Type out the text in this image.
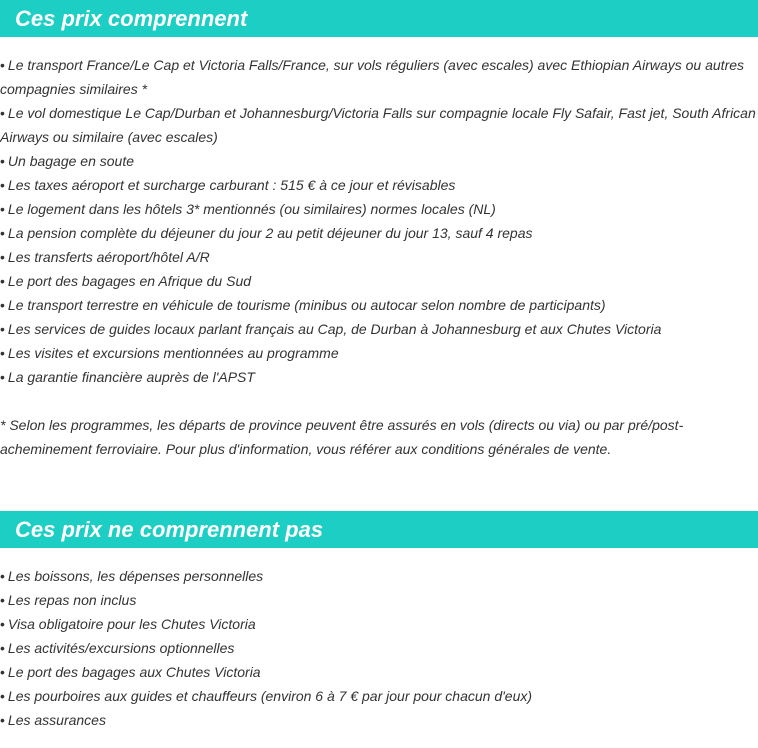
Ces prix comprennent
• Le transport France/Le Cap et Victoria Falls/France, sur vols réguliers (avec escales) avec Ethiopian Airways ou autres compagnies similaires *
• Le vol domestique Le Cap/Durban et Johannesburg/Victoria Falls sur compagnie locale Fly Safair, Fast jet, South African Airways ou similaire (avec escales)
• Un bagage en soute
• Les taxes aéroport et surcharge carburant : 515 € à ce jour et révisables
• Le logement dans les hôtels 3* mentionnés (ou similaires) normes locales (NL)
• La pension complète du déjeuner du jour 2 au petit déjeuner du jour 13, sauf 4 repas
• Les transferts aéroport/hôtel A/R
• Le port des bagages en Afrique du Sud
• Le transport terrestre en véhicule de tourisme (minibus ou autocar selon nombre de participants)
• Les services de guides locaux parlant français au Cap, de Durban à Johannesburg et aux Chutes Victoria
• Les visites et excursions mentionnées au programme
• La garantie financière auprès de l'APST

* Selon les programmes, les départs de province peuvent être assurés en vols (directs ou via) ou par pré/post-acheminement ferroviaire. Pour plus d'information, vous référer aux conditions générales de vente.

Ces prix ne comprennent pas
• Les boissons, les dépenses personnelles
• Les repas non inclus
• Visa obligatoire pour les Chutes Victoria
• Les activités/excursions optionnelles
• Le port des bagages aux Chutes Victoria
• Les pourboires aux guides et chauffeurs (environ 6 à 7 € par jour pour chacun d'eux)
• Les assurances
